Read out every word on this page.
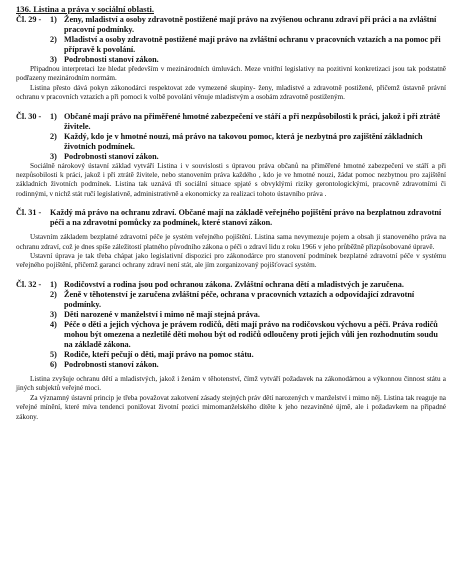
136. Listina a práva v sociální oblasti.

Čl. 29 -	1) Ženy, mladiství a osoby zdravotně postižené mají právo na zvýšenou ochranu zdraví při práci a na zvláštní pracovní podmínky.
2) Mladiství a osoby zdravotně postižené mají právo na zvláštní ochranu v pracovních vztazích a na pomoc při přípravě k povolání.
3) Podrobnosti stanoví zákon.

Připadnou interpretaci lze hledat především v mezinárodních úmluvách. Meze vnitřní legislativy na pozitivní konkretizaci jsou tak podstatně podřazeny mezinárodním normám.

Listina přesto dává pokyn zákonodárci respektovat zde vymezené skupiny- ženy, mladistvé a zdravotně postižené, přičemž ústavně právní ochranu v pracovních vztazích a při pomoci k volbě povolání věnuje mladistvým a osobám zdravotně postiženým.

Čl. 30 -	1) Občané mají právo na přiměřené hmotné zabezpečení ve stáří a při nezpůsobilosti k práci, jakož i při ztrátě živitele.
2) Každý, kdo je v hmotné nouzi, má právo na takovou pomoc, která je nezbytná pro zajištění základních životních podmínek.
3) Podrobnosti stanoví zákon.

Sociálně nárokový ústavní základ vytváří Listina i v souvislosti s úpravou práva občanů na přiměřené hmotné zabezpečení ve stáří a při nezpůsobilosti k práci, jakož i při ztrátě živitele, nebo stanovením práva každého , kdo je ve hmotné nouzi, žádat pomoc nezbytnou pro zajištění základních životních podmínek. Listina tak uznává tři sociální situace spjaté s obvyklými riziky gerontologickými, pracovně zdravotními či rodinnými, v nichž stát ručí legislativně, administrativně a ekonomicky za realizaci tohoto ústavního práva .

Čl. 31 -	Každý má právo na ochranu zdraví. Občané mají na základě veřejného pojištění právo na bezplatnou zdravotní péči a na zdravotní pomůcky za podmínek, které stanoví zákon.

Ustavním základem bezplatné zdravotní péče je systém veřejného pojištění. Listina sama nevymezuje pojem a obsah ji stanoveného práva na ochranu zdraví, což je dnes spíše záležitostí platného původního zákona o péči o zdraví lidu z roku 1966 v jeho průběžně přizpůsobované úpravě.

Ustavní úprava je tak třeba chápat jako legislativní dispozici pro zákonodárce pro stanovení podmínek bezplatné zdravotní péče v systému veřejného pojištění, přičemž garanci ochrany zdraví není stát, ale jím zorganizovaný pojišťovací systém.

Čl. 32 -	1) Rodičovství a rodina jsou pod ochranou zákona. Zvláštní ochrana dětí a mladistvých je zaručena.
2) Ženě v těhotenství je zaručena zvláštní péče, ochrana v pracovních vztazích a odpovídající zdravotní podmínky.
3) Děti narozené v manželství i mimo ně mají stejná práva.
4) Péče o děti a jejich výchova je právem rodičů, děti mají právo na rodičovskou výchovu a péči. Práva rodičů mohou být omezena a nezletilé děti mohou být od rodičů odloučeny proti jejich vůli jen rozhodnutím soudu na základě zákona.
5) Rodiče, kteří pečují o děti, mají právo na pomoc státu.
6) Podrobnosti stanoví zákon.

Listina zvyšuje ochranu dětí a mladistvých, jakož i ženám v těhotenství, čímž vytváří požadavek na zákonodárnou a výkonnou činnost státu a jiných subjektů veřejné moci.

Za významný ústavní princip je třeba považovat zakotvení zásady stejných práv dětí narozených v manželství i mimo něj. Listina tak reaguje na veřejné mínění, které míva tendenci ponižovat životní pozici mimomanželského dítěte k jeho nezaviněné újmě, ale i požadavkem na připadné zákony.
